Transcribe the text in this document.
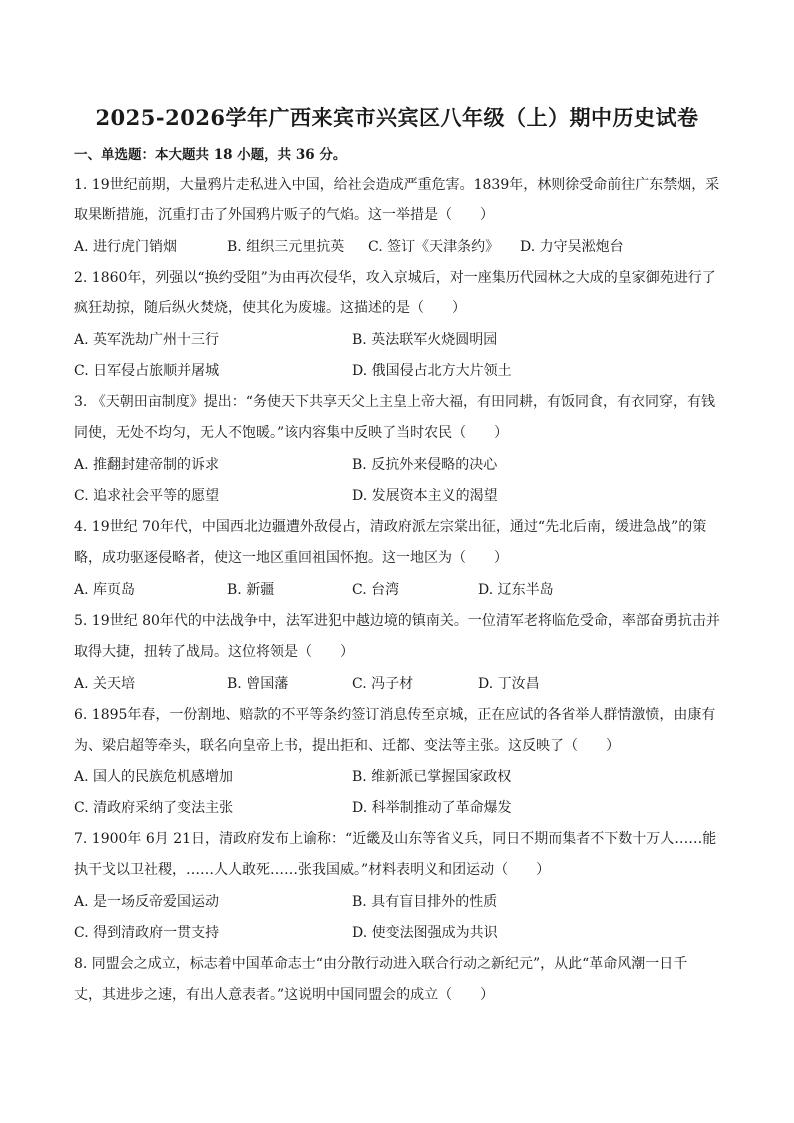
2025-2026学年广西来宾市兴宾区八年级（上）期中历史试卷
一、单选题：本大题共 18 小题，共 36 分。
1. 19世纪前期，大量鸦片走私进入中国，给社会造成严重危害。1839年，林则徐受命前往广东禁烟，采
取果断措施，沉重打击了外国鸦片贩子的气焰。这一举措是（　　）
A. 进行虎门销烟	B. 组织三元里抗英 C. 签订《天津条约》 D. 力守吴淞炮台
2. 1860年，列强以“换约受阻”为由再次侵华，攻入京城后，对一座集历代园林之大成的皇家御苑进行了
疯狂劫掠，随后纵火焚烧，使其化为废墟。这描述的是（　　）
A. 英军洗劫广州十三行	B. 英法联军火烧圆明园
C. 日军侵占旅顺并屠城	D. 俄国侵占北方大片领土
3. 《天朝田亩制度》提出：“务使天下共享天父上主皇上帝大福，有田同耕，有饭同食，有衣同穿，有钱
同使，无处不均匀，无人不饱暖。”该内容集中反映了当时农民（　　）
A. 推翻封建帝制的诉求	B. 反抗外来侵略的决心
C. 追求社会平等的愿望	D. 发展资本主义的渴望
4. 19世纪 70年代，中国西北边疆遭外敌侵占，清政府派左宗棠出征，通过“先北后南，缓进急战”的策
略，成功驱逐侵略者，使这一地区重回祖国怀抱。这一地区为（　　）
A. 库页岛	B. 新疆	C. 台湾	D. 辽东半岛
5. 19世纪 80年代的中法战争中，法军进犯中越边境的镇南关。一位清军老将临危受命，率部奋勇抗击并
取得大捷，扭转了战局。这位将领是（　　）
A. 关天培	B. 曾国藩	C. 冯子材	D. 丁汝昌
6. 1895年春，一份割地、赔款的不平等条约签订消息传至京城，正在应试的各省举人群情激愤，由康有
为、梁启超等牵头，联名向皇帝上书，提出拒和、迁都、变法等主张。这反映了（　　）
A. 国人的民族危机感增加	B. 维新派已掌握国家政权
C. 清政府采纳了变法主张	D. 科举制推动了革命爆发
7. 1900年 6月 21日，清政府发布上谕称：“近畿及山东等省义兵，同日不期而集者不下数十万人……能
执干戈以卫社稷，……人人敢死……张我国威。”材料表明义和团运动（　　）
A. 是一场反帝爱国运动	B. 具有盲目排外的性质
C. 得到清政府一贯支持	D. 使变法图强成为共识
8. 同盟会之成立，标志着中国革命志士“由分散行动进入联合行动之新纪元”，从此“革命风潮一日千
丈，其进步之速，有出人意表者。”这说明中国同盟会的成立（　　）
